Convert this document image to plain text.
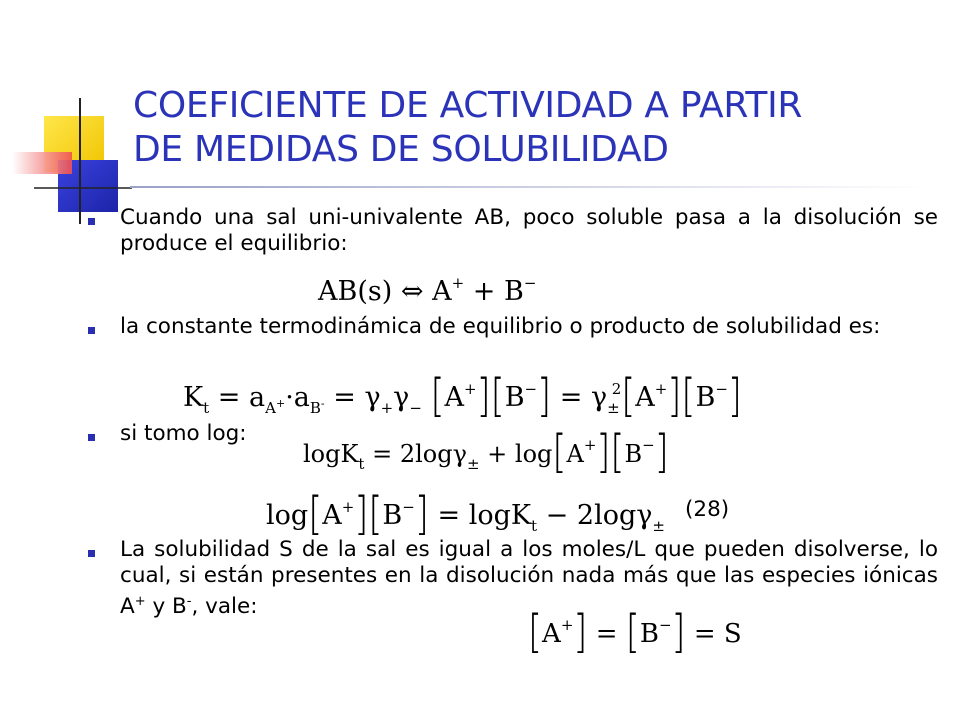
COEFICIENTE DE ACTIVIDAD A PARTIR
DE MEDIDAS DE SOLUBILIDAD
Cuando una sal uni-univalente AB, poco soluble pasa a la disolución se produce el equilibrio:
AB(s) ⇔ A+ + B−
la constante termodinámica de equilibrio o producto de solubilidad es:
$K_t = a_{A^+}\cdot a_{B^-} = \gamma_+\gamma_-$ $[A^+][B^-] = \gamma_\pm^2[A^+][B^-]$
si tomo log:
logK$_t$ = 2logγ$_\pm$ + log[A+][B−]
log[A+][B−] = logK$_t$ − 2logγ$_\pm$
(28)
La solubilidad S de la sal es igual a los moles/L que pueden disolverse, lo cual, si están presentes en la disolución nada más que las especies iónicas A+ y B-, vale:
[A+] = [B−] = S
